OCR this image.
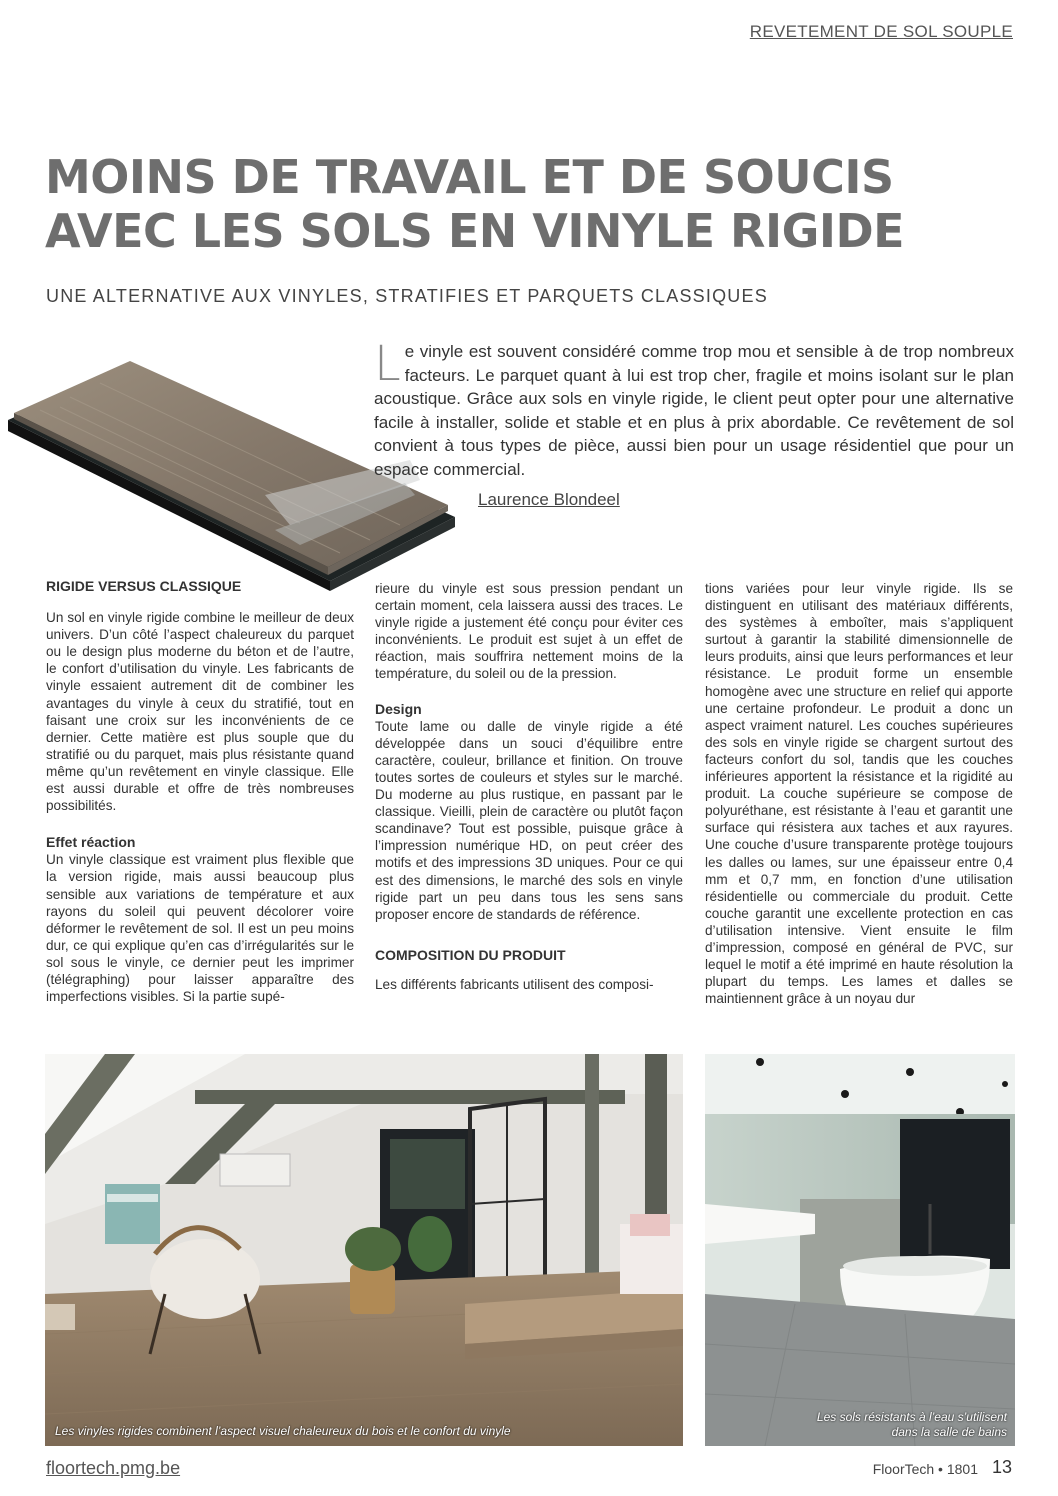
REVETEMENT DE SOL SOUPLE
MOINS DE TRAVAIL ET DE SOUCIS
AVEC LES SOLS EN VINYLE RIGIDE

UNE ALTERNATIVE AUX VINYLES, STRATIFIES ET PARQUETS CLASSIQUES

L e vinyle est souvent considéré comme trop mou et sensible à de trop nombreux facteurs. Le parquet quant à lui est trop cher, fragile et moins isolant sur le plan acoustique. Grâce aux sols en vinyle rigide, le client peut opter pour une alternative facile à installer, solide et stable et en plus à prix abordable. Ce revêtement de sol convient à tous types de pièce, aussi bien pour un usage résidentiel que pour un espace commercial.

Laurence Blondeel
RIGIDE VERSUS CLASSIQUE

Un sol en vinyle rigide combine le meilleur de deux univers. D’un côté l’aspect chaleureux du parquet ou le design plus moderne du béton et de l’autre, le confort d’utilisation du vinyle. Les fabricants de vinyle essaient autrement dit de combiner les avantages du vinyle à ceux du stratifié, tout en faisant une croix sur les inconvénients de ce dernier. Cette matière est plus souple que du stratifié ou du parquet, mais plus résistante quand même qu’un revêtement en vinyle classique. Elle est aussi durable et offre de très nombreuses possibilités.

Effet réaction

Un vinyle classique est vraiment plus flexible que la version rigide, mais aussi beaucoup plus sensible aux variations de température et aux rayons du soleil qui peuvent décolorer voire déformer le revêtement de sol. Il est un peu moins dur, ce qui explique qu’en cas d’irrégularités sur le sol sous le vinyle, ce dernier peut les imprimer (télégraphing) pour laisser apparaître des imperfections visibles. Si la partie supé-

rieure du vinyle est sous pression pendant un certain moment, cela laissera aussi des traces. Le vinyle rigide a justement été conçu pour éviter ces inconvénients. Le produit est sujet à un effet de réaction, mais souffrira nettement moins de la température, du soleil ou de la pression.

Design

Toute lame ou dalle de vinyle rigide a été développée dans un souci d’équilibre entre caractère, couleur, brillance et finition. On trouve toutes sortes de couleurs et styles sur le marché. Du moderne au plus rustique, en passant par le classique. Vieilli, plein de caractère ou plutôt façon scandinave? Tout est possible, puisque grâce à l’impression numérique HD, on peut créer des motifs et des impressions 3D uniques. Pour ce qui est des dimensions, le marché des sols en vinyle rigide part un peu dans tous les sens sans proposer encore de standards de référence.

COMPOSITION DU PRODUIT

Les différents fabricants utilisent des composi-

tions variées pour leur vinyle rigide. Ils se distinguent en utilisant des matériaux différents, des systèmes à emboîter, mais s’appliquent surtout à garantir la stabilité dimensionnelle de leurs produits, ainsi que leurs performances et leur résistance. Le produit forme un ensemble homogène avec une structure en relief qui apporte une certaine profondeur. Le produit a donc un aspect vraiment naturel. Les couches supérieures des sols en vinyle rigide se chargent surtout des facteurs confort du sol, tandis que les couches inférieures apportent la résistance et la rigidité au produit. La couche supérieure se compose de polyuréthane, est résistante à l’eau et garantit une surface qui résistera aux taches et aux rayures. Une couche d’usure transparente protège toujours les dalles ou lames, sur une épaisseur entre 0,4 mm et 0,7 mm, en fonction d’une utilisation résidentielle ou commerciale du produit. Cette couche garantit une excellente protection en cas d’utilisation intensive. Vient ensuite le film d’impression, composé en général de PVC, sur lequel le motif a été imprimé en haute résolution la plupart du temps. Les lames et dalles se maintiennent grâce à un noyau dur

Les vinyles rigides combinent l’aspect visuel chaleureux du bois et le confort du vinyle
Les sols résistants à l’eau s’utilisent
dans la salle de bains
floortech.pmg.be	FloorTech • 1801 13
